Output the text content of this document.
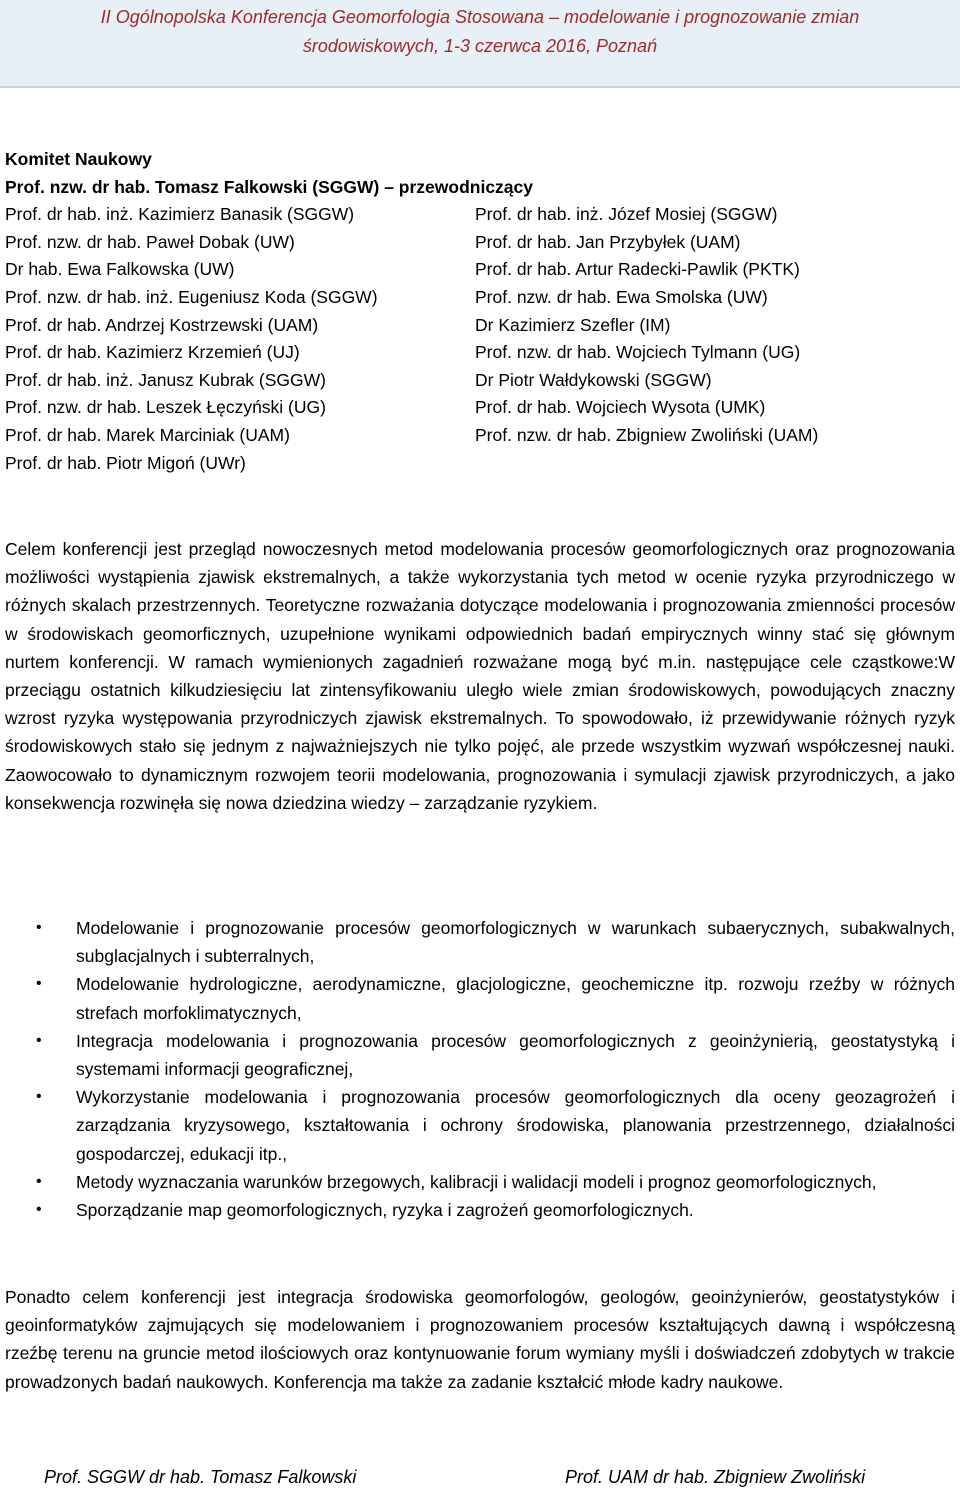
II Ogólnopolska Konferencja Geomorfologia Stosowana – modelowanie i prognozowanie zmian
środowiskowych, 1-3 czerwca 2016, Poznań
Komitet Naukowy
Prof. nzw. dr hab. Tomasz Falkowski (SGGW) – przewodniczący
Prof. dr hab. inż. Kazimierz Banasik (SGGW)	Prof. dr hab. inż. Józef Mosiej (SGGW)
Prof. nzw. dr hab. Paweł Dobak (UW)	Prof. dr hab. Jan Przybyłek (UAM)
Dr hab. Ewa Falkowska (UW)	Prof. dr hab. Artur Radecki-Pawlik (PKTK)
Prof. nzw. dr hab. inż. Eugeniusz Koda (SGGW)	Prof. nzw. dr hab. Ewa Smolska (UW)
Prof. dr hab. Andrzej Kostrzewski (UAM)	Dr Kazimierz Szefler (IM)
Prof. dr hab. Kazimierz Krzemień (UJ)	Prof. nzw. dr hab. Wojciech Tylmann (UG)
Prof. dr hab. inż. Janusz Kubrak (SGGW)	Dr Piotr Wałdykowski (SGGW)
Prof. nzw. dr hab. Leszek Łęczyński (UG)	Prof. dr hab. Wojciech Wysota (UMK)
Prof. dr hab. Marek Marciniak (UAM)	Prof. nzw. dr hab. Zbigniew Zwoliński (UAM)
Prof. dr hab. Piotr Migoń (UWr)
Celem konferencji jest przegląd nowoczesnych metod modelowania procesów geomorfologicznych oraz prognozowania możliwości wystąpienia zjawisk ekstremalnych, a także wykorzystania tych metod w ocenie ryzyka przyrodniczego w różnych skalach przestrzennych. Teoretyczne rozważania dotyczące modelowania i prognozowania zmienności procesów w środowiskach geomorficznych, uzupełnione wynikami odpowiednich badań empirycznych winny stać się głównym nurtem konferencji. W ramach wymienionych zagadnień rozważane mogą być m.in. następujące cele cząstkowe:W przeciągu ostatnich kilkudziesięciu lat zintensyfikowaniu uległo wiele zmian środowiskowych, powodujących znaczny wzrost ryzyka występowania przyrodniczych zjawisk ekstremalnych. To spowodowało, iż przewidywanie różnych ryzyk środowiskowych stało się jednym z najważniejszych nie tylko pojęć, ale przede wszystkim wyzwań współczesnej nauki. Zaowocowało to dynamicznym rozwojem teorii modelowania, prognozowania i symulacji zjawisk przyrodniczych, a jako konsekwencja rozwinęła się nowa dziedzina wiedzy – zarządzanie ryzykiem.
• Modelowanie i prognozowanie procesów geomorfologicznych w warunkach subaerycznych, subakwalnych, subglacjalnych i subterralnych,
• Modelowanie hydrologiczne, aerodynamiczne, glacjologiczne, geochemiczne itp. rozwoju rzeźby w różnych strefach morfoklimatycznych,
• Integracja modelowania i prognozowania procesów geomorfologicznych z geoinżynierią, geostatystyką i systemami informacji geograficznej,
• Wykorzystanie modelowania i prognozowania procesów geomorfologicznych dla oceny geozagrożeń i zarządzania kryzysowego, kształtowania i ochrony środowiska, planowania przestrzennego, działalności gospodarczej, edukacji itp.,
• Metody wyznaczania warunków brzegowych, kalibracji i walidacji modeli i prognoz geomorfologicznych,
• Sporządzanie map geomorfologicznych, ryzyka i zagrożeń geomorfologicznych.
Ponadto celem konferencji jest integracja środowiska geomorfologów, geologów, geoinżynierów, geostatystyków i geoinformatyków zajmujących się modelowaniem i prognozowaniem procesów kształtujących dawną i współczesną rzeźbę terenu na gruncie metod ilościowych oraz kontynuowanie forum wymiany myśli i doświadczeń zdobytych w trakcie prowadzonych badań naukowych. Konferencja ma także za zadanie kształcić młode kadry naukowe.
Prof. SGGW dr hab. Tomasz Falkowski	Prof. UAM dr hab. Zbigniew Zwoliński
